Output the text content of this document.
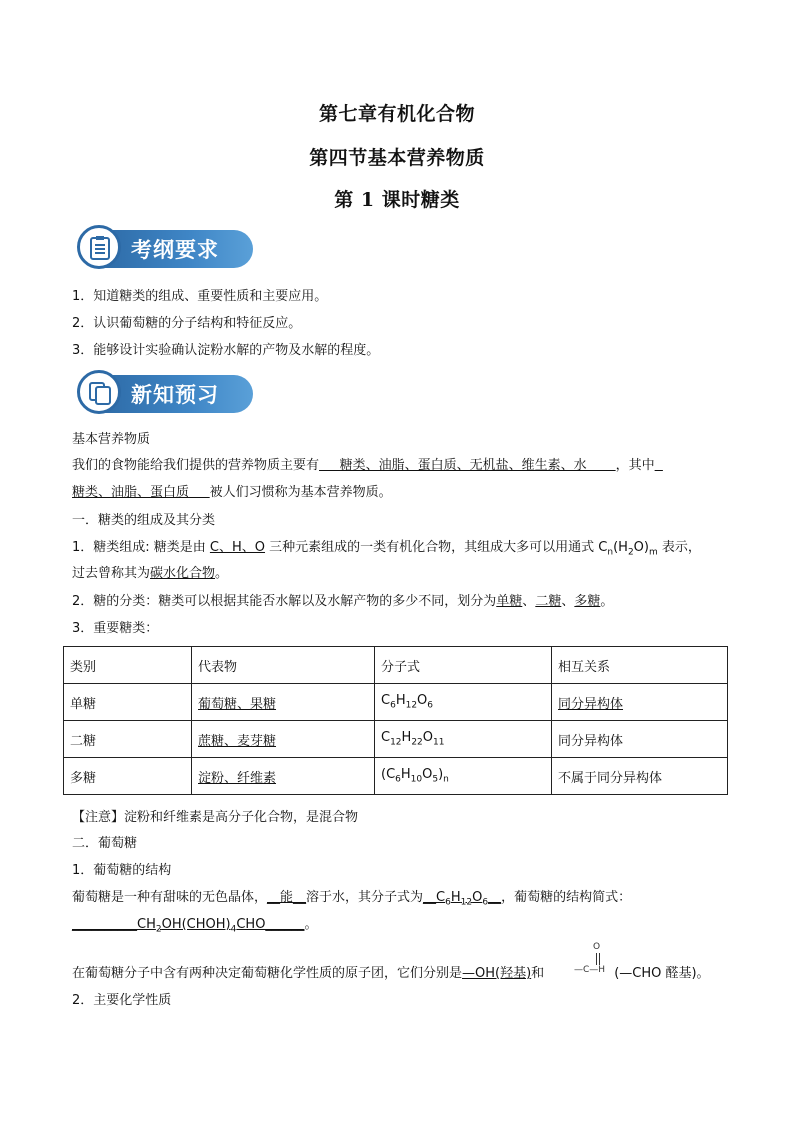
第七章有机化合物
第四节基本营养物质
第 1 课时糖类
考纲要求
1．知道糖类的组成、重要性质和主要应用。
2．认识葡萄糖的分子结构和特征反应。
3．能够设计实验确认淀粉水解的产物及水解的程度。
新知预习
基本营养物质
我们的食物能给我们提供的营养物质主要有     糖类、油脂、蛋白质、无机盐、维生素、水       ，其中
糖类、油脂、蛋白质     被人们习惯称为基本营养物质。
一．糖类的组成及其分类
1．糖类组成: 糖类是由 C、H、O 三种元素组成的一类有机化合物，其组成大多可以用通式 $C_n(H_2O)_m$ 表示，
过去曾称其为碳水化合物。
2．糖的分类：糖类可以根据其能否水解以及水解产物的多少不同，划分为单糖、二糖、多糖。
3．重要糖类：
类别	代表物	分子式	相互关系
单糖	葡萄糖、果糖	$C_6H_{12}O_6$	同分异构体
二糖	蔗糖、麦芽糖	$C_{12}H_{22}O_{11}$	同分异构体
多糖	淀粉、纤维素	$(C_6H_{10}O_5)_n$	不属于同分异构体
【注意】淀粉和纤维素是高分子化合物，是混合物
二．葡萄糖
1．葡萄糖的结构
葡萄糖是一种有甜味的无色晶体，__能__溶于水，其分子式为$\_\_C_6H_{12}O_6\_\_$，葡萄糖的结构简式：
$\_\_\_\_\_\_\_\_\_\_CH_2OH(CHOH)_4CHO\_\_\_\_\_\_$。
O
—C—H
在葡萄糖分子中含有两种决定葡萄糖化学性质的原子团，它们分别是—OH(羟基)和	(—CHO 醛基)。
2．主要化学性质
